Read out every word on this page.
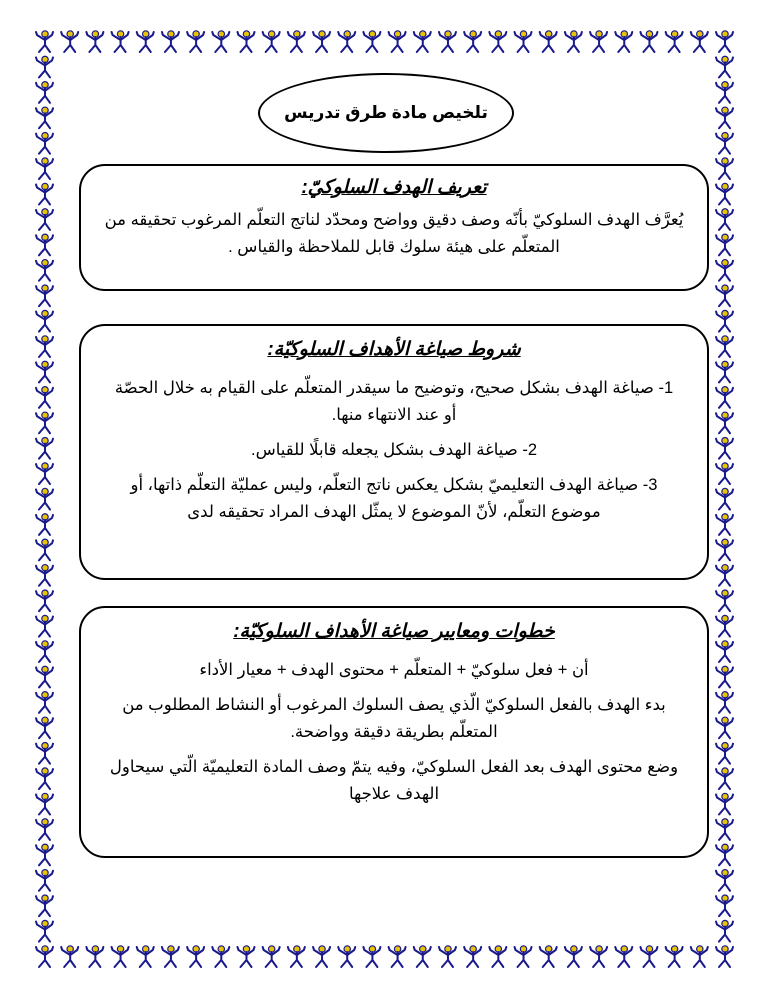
تلخيص مادة طرق تدريس
تعريف الهدف السلوكيّ:
يُعرَّف الهدف السلوكيّ بأنّه وصف دقيق وواضح ومحدّد لناتج التعلّم المرغوب تحقيقه من المتعلّم على هيئة سلوك قابل للملاحظة والقياس .
شروط صياغة الأهداف السلوكيّة:
1- صياغة الهدف بشكل صحيح، وتوضيح ما سيقدر المتعلّم على القيام به خلال الحصّة أو عند الانتهاء منها.
2- صياغة الهدف بشكل يجعله قابلًا للقياس.
3- صياغة الهدف التعليميّ بشكل يعكس ناتج التعلّم، وليس عمليّة التعلّم ذاتها، أو موضوع التعلّم، لأنّ الموضوع لا يمثّل الهدف المراد تحقيقه لدى
خطوات ومعايير صياغة الأهداف السلوكيّة:
أن + فعل سلوكيّ + المتعلّم + محتوى الهدف + معيار الأداء
بدء الهدف بالفعل السلوكيّ الّذي يصف السلوك المرغوب أو النشاط المطلوب من المتعلّم بطريقة دقيقة وواضحة.
وضع محتوى الهدف بعد الفعل السلوكيّ، وفيه يتمّ وصف المادة التعليميّة الّتي سيحاول الهدف علاجها
